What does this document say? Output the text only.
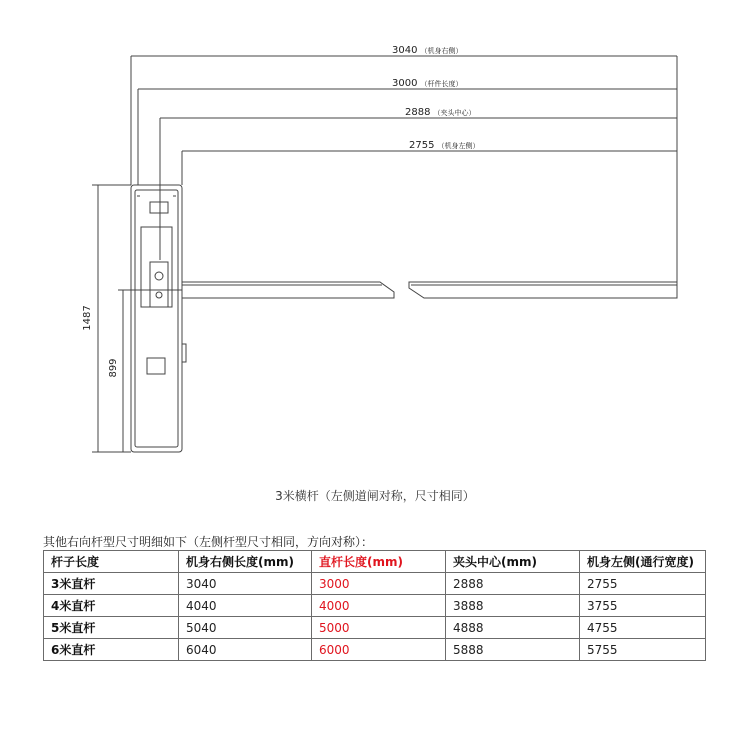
3040 （机身右侧）
3000 （杆件长度）
2888 （夹头中心）
2755 （机身左侧）
1487
899
3米横杆（左侧道闸对称，尺寸相同）
其他右向杆型尺寸明细如下（左侧杆型尺寸相同，方向对称）：
杆子长度	机身右侧长度(mm)	直杆长度(mm)	夹头中心(mm)	机身左侧(通行宽度)
3米直杆	3040	3000	2888	2755
4米直杆	4040	4000	3888	3755
5米直杆	5040	5000	4888	4755
6米直杆	6040	6000	5888	5755
